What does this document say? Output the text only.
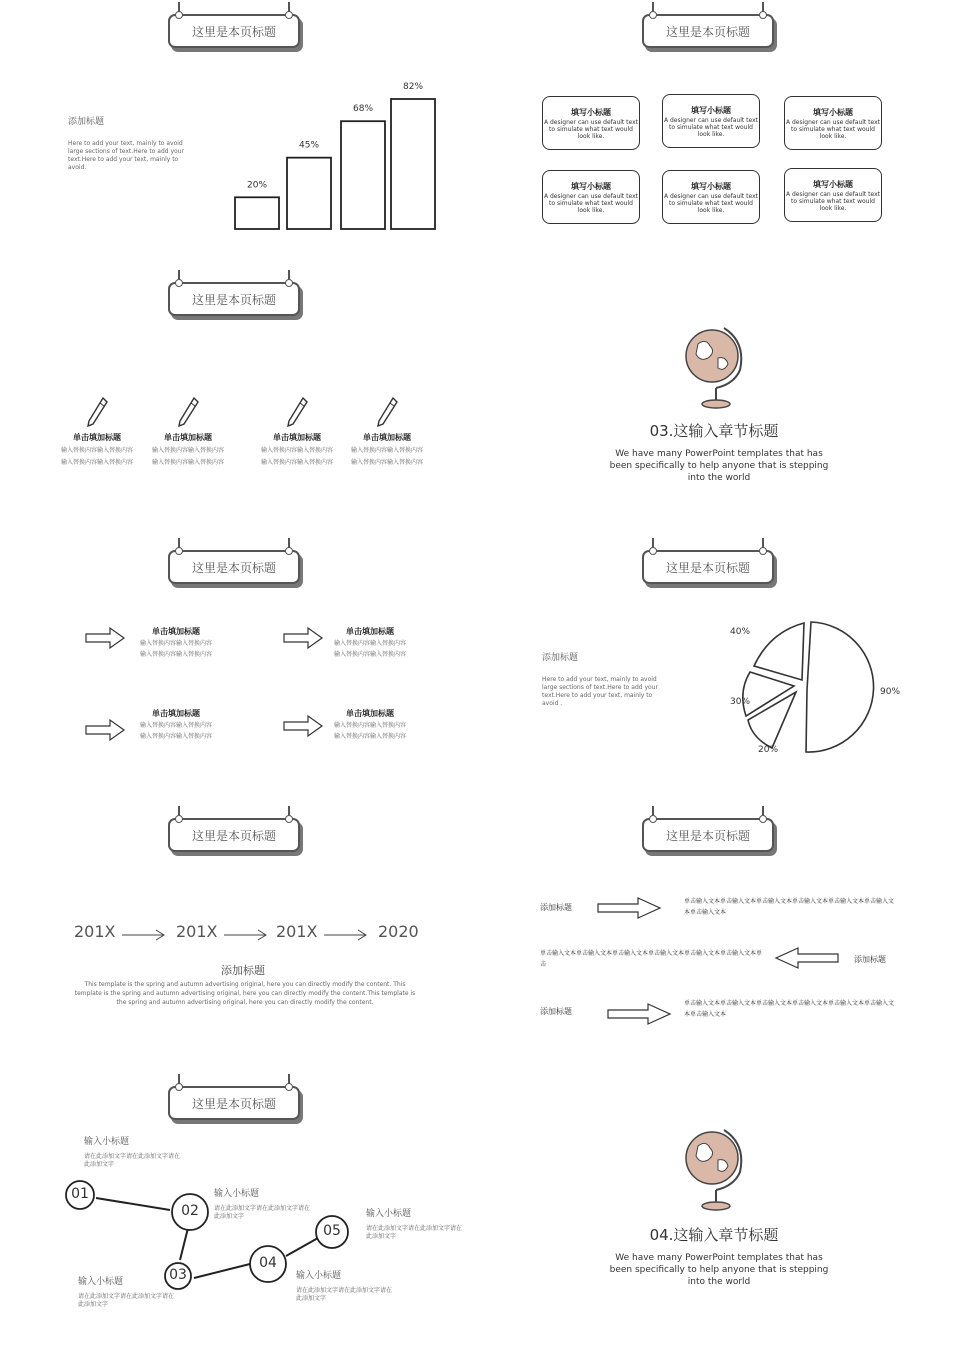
这里是本页标题
添加标题
Here to add your text, mainly to avoid large sections of text.Here to add your text.Here to add your text, mainly to avoid.
20%
45%
68%
82%
这里是本页标题
填写小标题
A designer can use default text to simulate what text would look like.
填写小标题
A designer can use default text to simulate what text would look like.
填写小标题
A designer can use default text to simulate what text would look like.
填写小标题
A designer can use default text to simulate what text would look like.
填写小标题
A designer can use default text to simulate what text would look like.
填写小标题
A designer can use default text to simulate what text would look like.
这里是本页标题
单击填加标题
输入替换内容输入替换内容
输入替换内容输入替换内容
单击填加标题
输入替换内容输入替换内容
输入替换内容输入替换内容
单击填加标题
输入替换内容输入替换内容
输入替换内容输入替换内容
单击填加标题
输入替换内容输入替换内容
输入替换内容输入替换内容
03.这输入章节标题
We have many PowerPoint templates that has been specifically to help anyone that is stepping into the world
这里是本页标题
单击填加标题
输入替换内容输入替换内容
输入替换内容输入替换内容
单击填加标题
输入替换内容输入替换内容
输入替换内容输入替换内容
单击填加标题
输入替换内容输入替换内容
输入替换内容输入替换内容
单击填加标题
输入替换内容输入替换内容
输入替换内容输入替换内容
这里是本页标题
添加标题
Here to add your text, mainly to avoid large sections of text.Here to add your text.Here to add your text, mainly to avoid .
40%
90%
20%
30%
这里是本页标题
201X	201X	201X	2020
添加标题
This template is the spring and autumn advertising original, here you can directly modify the content. This template is the spring and autumn advertising original, here you can directly modify the content.This template is the spring and autumn advertising original, here you can directly modify the content.
这里是本页标题
添加标题
单击输入文本单击输入文本单击输入文本单击输入文本单击输入文本单击输入文本单击输入文本
单击输入文本单击输入文本单击输入文本单击输入文本单击输入文本单击输入文本单击
添加标题
添加标题
单击输入文本单击输入文本单击输入文本单击输入文本单击输入文本单击输入文本单击输入文本
这里是本页标题
01
02
03
04
05
输入小标题
请在此添加文字请在此添加文字请在此添加文字
输入小标题
请在此添加文字请在此添加文字请在此添加文字
输入小标题
请在此添加文字请在此添加文字请在此添加文字
输入小标题
请在此添加文字请在此添加文字请在此添加文字
输入小标题
请在此添加文字请在此添加文字请在此添加文字	04.这输入章节标题
We have many PowerPoint templates that has been specifically to help anyone that is stepping into the world
